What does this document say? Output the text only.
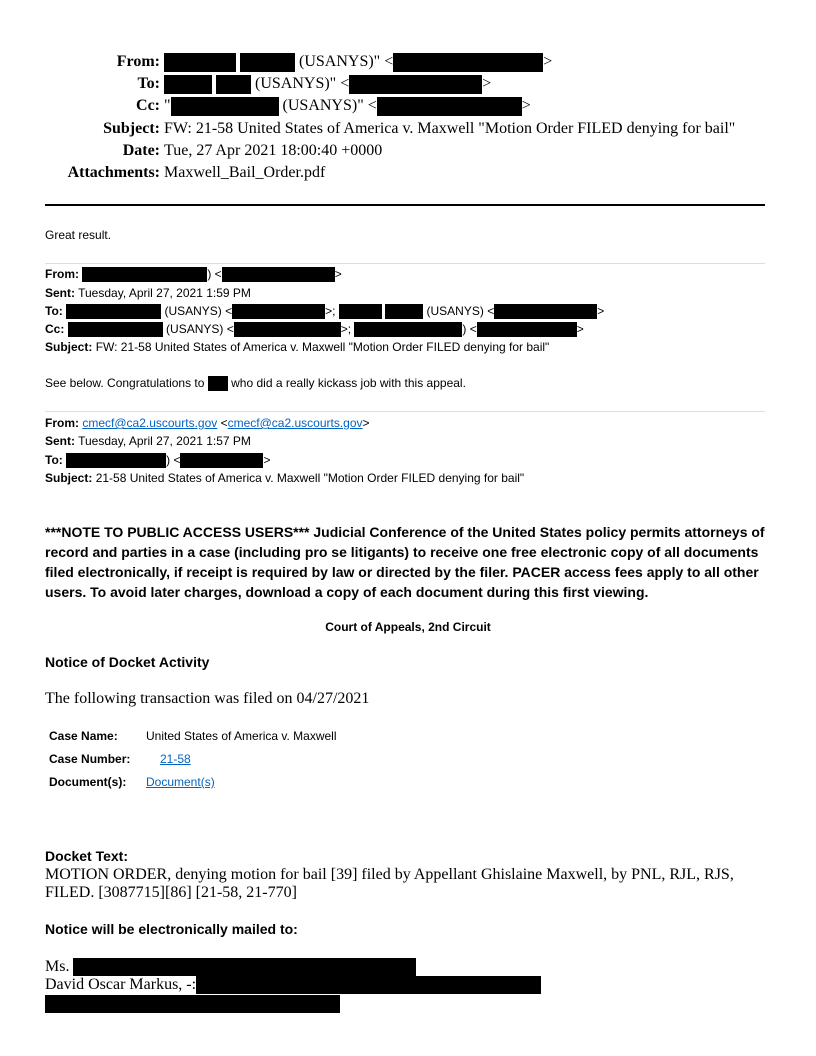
From:	(USANYS)" <	>
To:	(USANYS)" <	>
Cc: "	(USANYS)" <	>
Subject: FW: 21-58 United States of America v. Maxwell "Motion Order FILED denying for bail"
Date: Tue, 27 Apr 2021 18:00:40 +0000
Attachments: Maxwell_Bail_Order.pdf
Great result.
From:	) <	>
Sent: Tuesday, April 27, 2021 1:59 PM
To:	(USANYS) <	>;	(USANYS) <	>
Cc:	(USANYS) <	>;	) <	>
Subject: FW: 21-58 United States of America v. Maxwell "Motion Order FILED denying for bail"
See below. Congratulations to who did a really kickass job with this appeal.
From: cmecf@ca2.uscourts.gov <cmecf@ca2.uscourts.gov>
Sent: Tuesday, April 27, 2021 1:57 PM
To:	) <	>
Subject: 21-58 United States of America v. Maxwell "Motion Order FILED denying for bail"
***NOTE TO PUBLIC ACCESS USERS*** Judicial Conference of the United States policy permits attorneys of record and parties in a case (including pro se litigants) to receive one free electronic copy of all documents filed electronically, if receipt is required by law or directed by the filer. PACER access fees apply to all other users. To avoid later charges, download a copy of each document during this first viewing.
Court of Appeals, 2nd Circuit
Notice of Docket Activity
The following transaction was filed on 04/27/2021
Case Name: United States of America v. Maxwell
Case Number: 21-58
Document(s): Document(s)
Docket Text:
MOTION ORDER, denying motion for bail [39] filed by Appellant Ghislaine Maxwell, by PNL, RJL, RJS,
FILED. [3087715][86] [21-58, 21-770]
Notice will be electronically mailed to:
Ms.
David Oscar Markus, -:
